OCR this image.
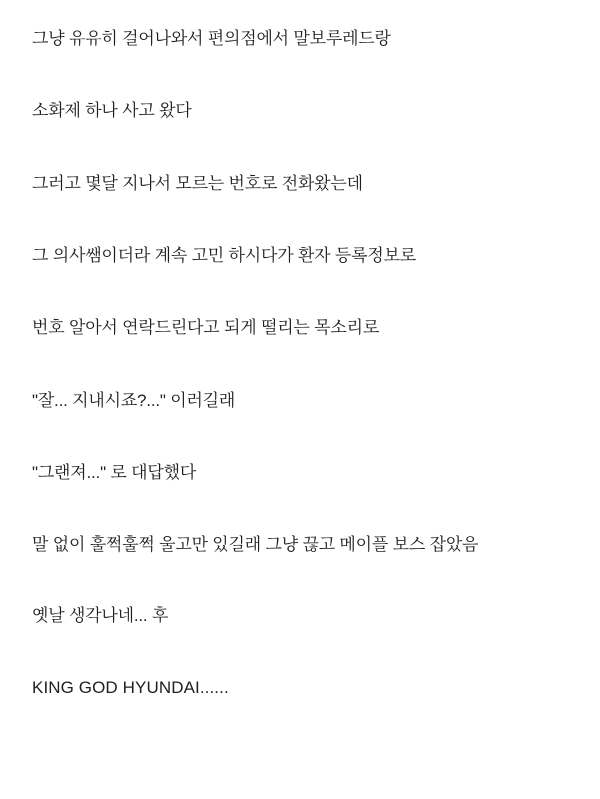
그냥 유유히 걸어나와서 편의점에서 말보루레드랑

소화제 하나 사고 왔다

그러고 몇달 지나서 모르는 번호로 전화왔는데

그 의사쌤이더라 계속 고민 하시다가 환자 등록정보로

번호 알아서 연락드린다고 되게 떨리는 목소리로

"잘... 지내시죠?..." 이러길래

"그랜져..." 로 대답했다

말 없이 훌쩍훌쩍 울고만 있길래 그냥 끊고 메이플 보스 잡았음

옛날 생각나네... 후

KING GOD HYUNDAI......
